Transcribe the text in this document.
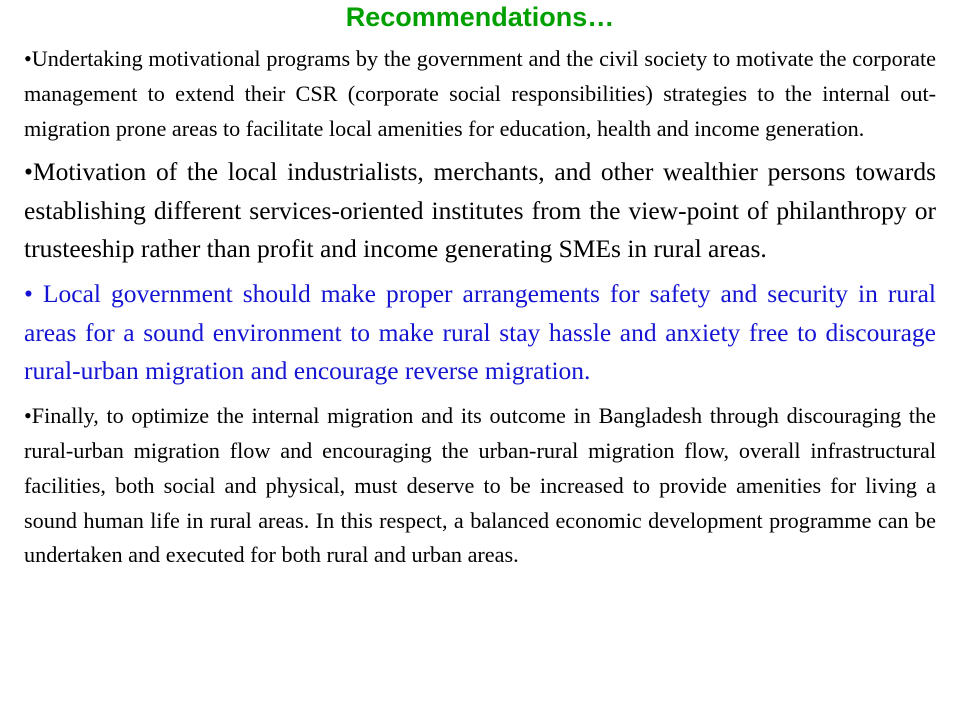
Recommendations…

•Undertaking motivational programs by the government and the civil society to motivate the corporate management to extend their CSR (corporate social responsibilities) strategies to the internal out-migration prone areas to facilitate local amenities for education, health and income generation.

•Motivation of the local industrialists, merchants, and other wealthier persons towards establishing different services-oriented institutes from the view-point of philanthropy or trusteeship rather than profit and income generating SMEs in rural areas.

• Local government should make proper arrangements for safety and security in rural areas for a sound environment to make rural stay hassle and anxiety free to discourage rural-urban migration and encourage reverse migration.

•Finally, to optimize the internal migration and its outcome in Bangladesh through discouraging the rural-urban migration flow and encouraging the urban-rural migration flow, overall infrastructural facilities, both social and physical, must deserve to be increased to provide amenities for living a sound human life in rural areas. In this respect, a balanced economic development programme can be undertaken and executed for both rural and urban areas.
